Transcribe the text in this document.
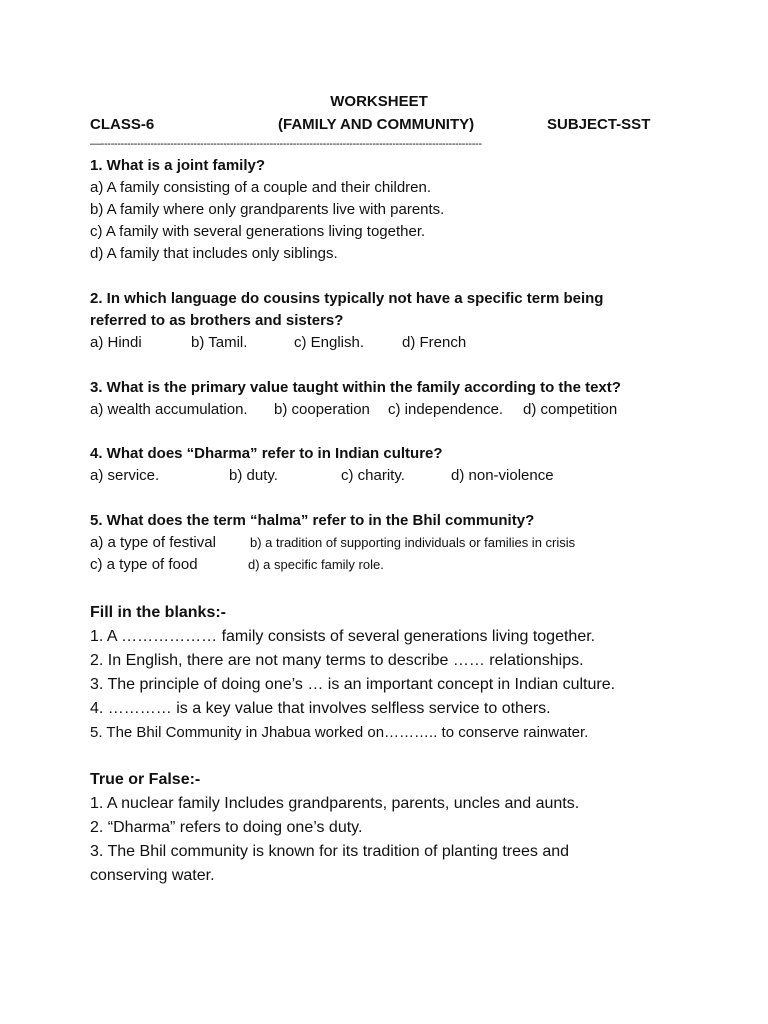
WORKSHEET
CLASS-6	(FAMILY AND COMMUNITY)	SUBJECT-SST
—-------------------------------------------------------------------------------------------------------------------
1. What is a joint family?
a) A family consisting of a couple and their children.
b) A family where only grandparents live with parents.
c) A family with several generations living together.
d) A family that includes only siblings.
2. In which language do cousins typically not have a specific term being
referred to as brothers and sisters?
a) Hindi	b) Tamil.	c) English.	d) French
3. What is the primary value taught within the family according to the text?
a) wealth accumulation. b) cooperation c) independence. d) competition
4. What does “Dharma” refer to in Indian culture?
a) service.	b) duty.	c) charity.	d) non-violence
5. What does the term “halma” refer to in the Bhil community?
a) a type of festival	b) a tradition of supporting individuals or families in crisis
c) a type of food	d) a specific family role.
Fill in the blanks:-
1. A ……………… family consists of several generations living together.
2. In English, there are not many terms to describe …… relationships.
3. The principle of doing one’s … is an important concept in Indian culture.
4. ………… is a key value that involves selfless service to others.
5. The Bhil Community in Jhabua worked on……….. to conserve rainwater.
True or False:-
1. A nuclear family Includes grandparents, parents, uncles and aunts.
2. “Dharma” refers to doing one’s duty.
3. The Bhil community is known for its tradition of planting trees and
conserving water.
